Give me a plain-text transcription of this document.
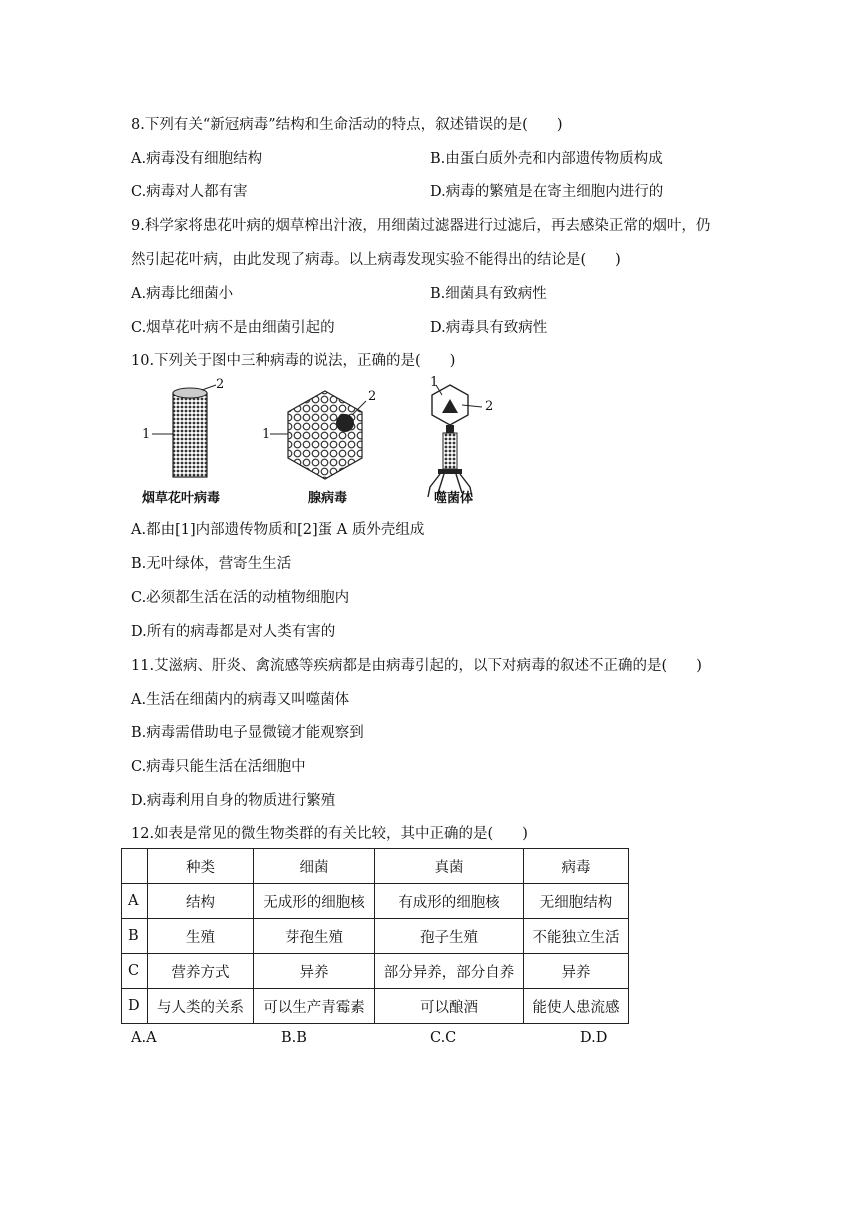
8.下列有关“新冠病毒”结构和生命活动的特点，叙述错误的是(　　)
A.病毒没有细胞结构	B.由蛋白质外壳和内部遗传物质构成
C.病毒对人都有害	D.病毒的繁殖是在寄主细胞内进行的
9.科学家将患花叶病的烟草榨出汁液，用细菌过滤器进行过滤后，再去感染正常的烟叶，仍
然引起花叶病，由此发现了病毒。以上病毒发现实验不能得出的结论是(　　)
A.病毒比细菌小	B.细菌具有致病性
C.烟草花叶病不是由细菌引起的	D.病毒具有致病性
10.下列关于图中三种病毒的说法，正确的是(　　)
1
2
1
2
1
2
烟草花叶病毒	腺病毒	噬菌体
A.都由[1]内部遗传物质和[2]蛋 A 质外壳组成
B.无叶绿体，营寄生生活
C.必须都生活在活的动植物细胞内
D.所有的病毒都是对人类有害的
11.艾滋病、肝炎、禽流感等疾病都是由病毒引起的，以下对病毒的叙述不正确的是(　　)
A.生活在细菌内的病毒又叫噬菌体
B.病毒需借助电子显微镜才能观察到
C.病毒只能生活在活细胞中
D.病毒利用自身的物质进行繁殖
12.如表是常见的微生物类群的有关比较，其中正确的是(　　)
	种类	细菌	真菌	病毒
A	结构	无成形的细胞核	有成形的细胞核	无细胞结构
B	生殖	芽孢生殖	孢子生殖	不能独立生活
C	营养方式	异养	部分异养，部分自养	异养
D	与人类的关系	可以生产青霉素	可以酿酒	能使人患流感
A.A	B.B	C.C	D.D
